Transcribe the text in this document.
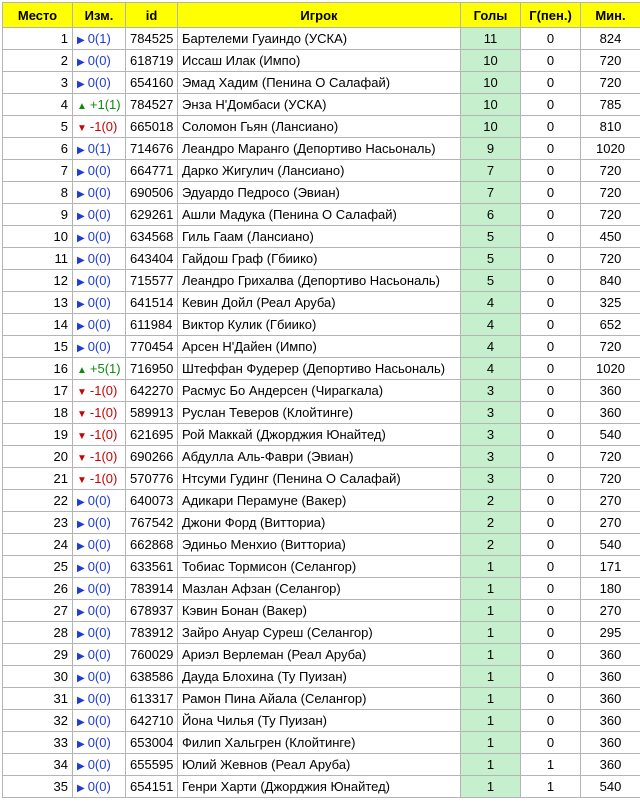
Место	Изм.	id	Игрок	Голы	Г(пен.)	Мин.
1	▶ 0(1)	784525	Бартелеми Гуаиндо (УСКА)	11	0	824
2	▶ 0(0)	618719	Иссаш Илак (Импо)	10	0	720
3	▶ 0(0)	654160	Эмад Хадим (Пенина О Салафай)	10	0	720
4	▲ +1(1)	784527	Энза Н'Домбаси (УСКА)	10	0	785
5	▼ -1(0)	665018	Соломон Гьян (Лансиано)	10	0	810
6	▶ 0(1)	714676	Леандро Маранго (Депортиво Насьональ)	9	0	1020
7	▶ 0(0)	664771	Дарко Жигулич (Лансиано)	7	0	720
8	▶ 0(0)	690506	Эдуардо Педросо (Эвиан)	7	0	720
9	▶ 0(0)	629261	Ашли Мадука (Пенина О Салафай)	6	0	720
10	▶ 0(0)	634568	Гиль Гаам (Лансиано)	5	0	450
11	▶ 0(0)	643404	Гайдош Граф (Гбиико)	5	0	720
12	▶ 0(0)	715577	Леандро Грихалва (Депортиво Насьональ)	5	0	840
13	▶ 0(0)	641514	Кевин Дойл (Реал Аруба)	4	0	325
14	▶ 0(0)	611984	Виктор Кулик (Гбиико)	4	0	652
15	▶ 0(0)	770454	Арсен Н'Дайен (Импо)	4	0	720
16	▲ +5(1)	716950	Штеффан Фудерер (Депортиво Насьональ)	4	0	1020
17	▼ -1(0)	642270	Расмус Бо Андерсен (Чирагкала)	3	0	360
18	▼ -1(0)	589913	Руслан Теверов (Клойтинге)	3	0	360
19	▼ -1(0)	621695	Рой Маккай (Джорджия Юнайтед)	3	0	540
20	▼ -1(0)	690266	Абдулла Аль-Фаври (Эвиан)	3	0	720
21	▼ -1(0)	570776	Нтсуми Гудинг (Пенина О Салафай)	3	0	720
22	▶ 0(0)	640073	Адикари Перамуне (Вакер)	2	0	270
23	▶ 0(0)	767542	Джони Форд (Витториа)	2	0	270
24	▶ 0(0)	662868	Эдиньо Менхио (Витториа)	2	0	540
25	▶ 0(0)	633561	Тобиас Тормисон (Селангор)	1	0	171
26	▶ 0(0)	783914	Мазлан Афзан (Селангор)	1	0	180
27	▶ 0(0)	678937	Кэвин Бонан (Вакер)	1	0	270
28	▶ 0(0)	783912	Зайро Ануар Суреш (Селангор)	1	0	295
29	▶ 0(0)	760029	Ариэл Верлеман (Реал Аруба)	1	0	360
30	▶ 0(0)	638586	Дауда Блохина (Ту Пуизан)	1	0	360
31	▶ 0(0)	613317	Рамон Пина Айала (Селангор)	1	0	360
32	▶ 0(0)	642710	Йона Чилья (Ту Пуизан)	1	0	360
33	▶ 0(0)	653004	Филип Хальгрен (Клойтинге)	1	0	360
34	▶ 0(0)	655595	Юлий Жевнов (Реал Аруба)	1	1	360
35	▶ 0(0)	654151	Генри Харти (Джорджия Юнайтед)	1	1	540
